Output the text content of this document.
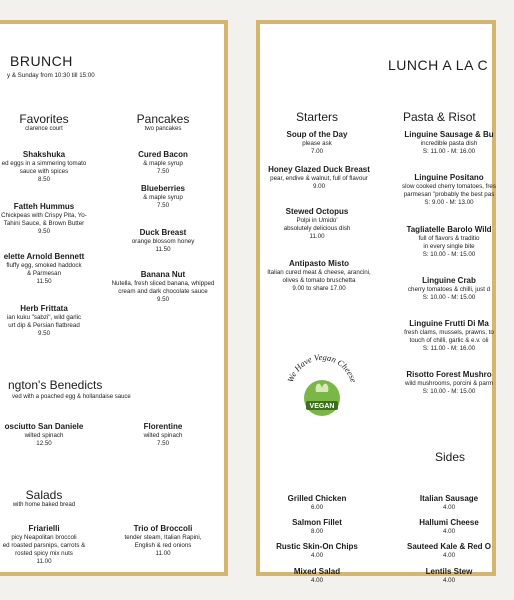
BRUNCH
y & Sunday from 10:30 till 15:00
Favorites
clarence court
Shakshuka
ed eggs in a simmering tomato
sauce with spices
8.50
Fatteh Hummus
Chickpeas with Crispy Pita, Yo-
Tahini Sauce, & Brown Butter
9.50
elette Arnold Bennett
fluffy egg, smoked haddock
& Parmesan
11.50
Herb Frittata
ian kuku "sabzi", wild garlic
urt dip & Persian flatbread
9.50
Pancakes
two pancakes
Cured Bacon
& maple syrup
7.50
Blueberries
& maple syrup
7.50
Duck Breast
orange blossom honey
11.50
Banana Nut
Nutella, fresh sliced banana, whipped
cream and dark chocolate sauce
9.50
ngton's Benedicts
ved with a poached egg & hollandaise sauce
osciutto San Daniele
wilted spinach
12.50
Florentine
wilted spinach
7.50
Salads
with home baked bread
Friarielli
picy Neapolitan broccoli
ed roasted parsnips, carrots &
rosted spicy mix nuts
11.00
Trio of Broccoli
tender steam, Italian Rapini,
English & red onions
11.00
LUNCH A LA C
Starters
Soup of the Day
please ask
7.00
Honey Glazed Duck Breast
pear, endive & walnut, full of flavour
9.00
Stewed Octopus
Polpi in Umido'
absolutely delicious dish
11.00
Antipasto Misto
Italian cured meat & cheese, arancini,
olives & tomato bruschetta
9.00 to share 17.00
We Have Vegan Cheese
VEGAN
Grilled Chicken
6.00
Salmon Fillet
8.00
Rustic Skin-On Chips
4.00
Mixed Salad
4.00
Pasta & Risot
Linguine Sausage & Bu
incredible pasta dish
S: 11.00 - M: 16.00
Linguine Positano
slow cooked cherry tomatoes, fres
parmesan "probably the best pas
S: 9.00 - M: 13.00
Tagliatelle Barolo Wild
full of flavors & traditio
in every single bite
S: 10.00 - M: 15.00
Linguine Crab
cherry tomatoes & chilli, just d
S: 10.00 - M: 15.00
Linguine Frutti Di Ma
fresh clams, mussels, prawns, to
touch of chilli, garlic & e.v. oli
S: 11.00 - M: 16.00
Risotto Forest Mushro
wild mushrooms, porcini & parm
S: 10.00 - M: 15.00
Sides
Italian Sausage
4.00
Hallumi Cheese
4.00
Sauteed Kale & Red O
4.00
Lentils Stew
4.00
